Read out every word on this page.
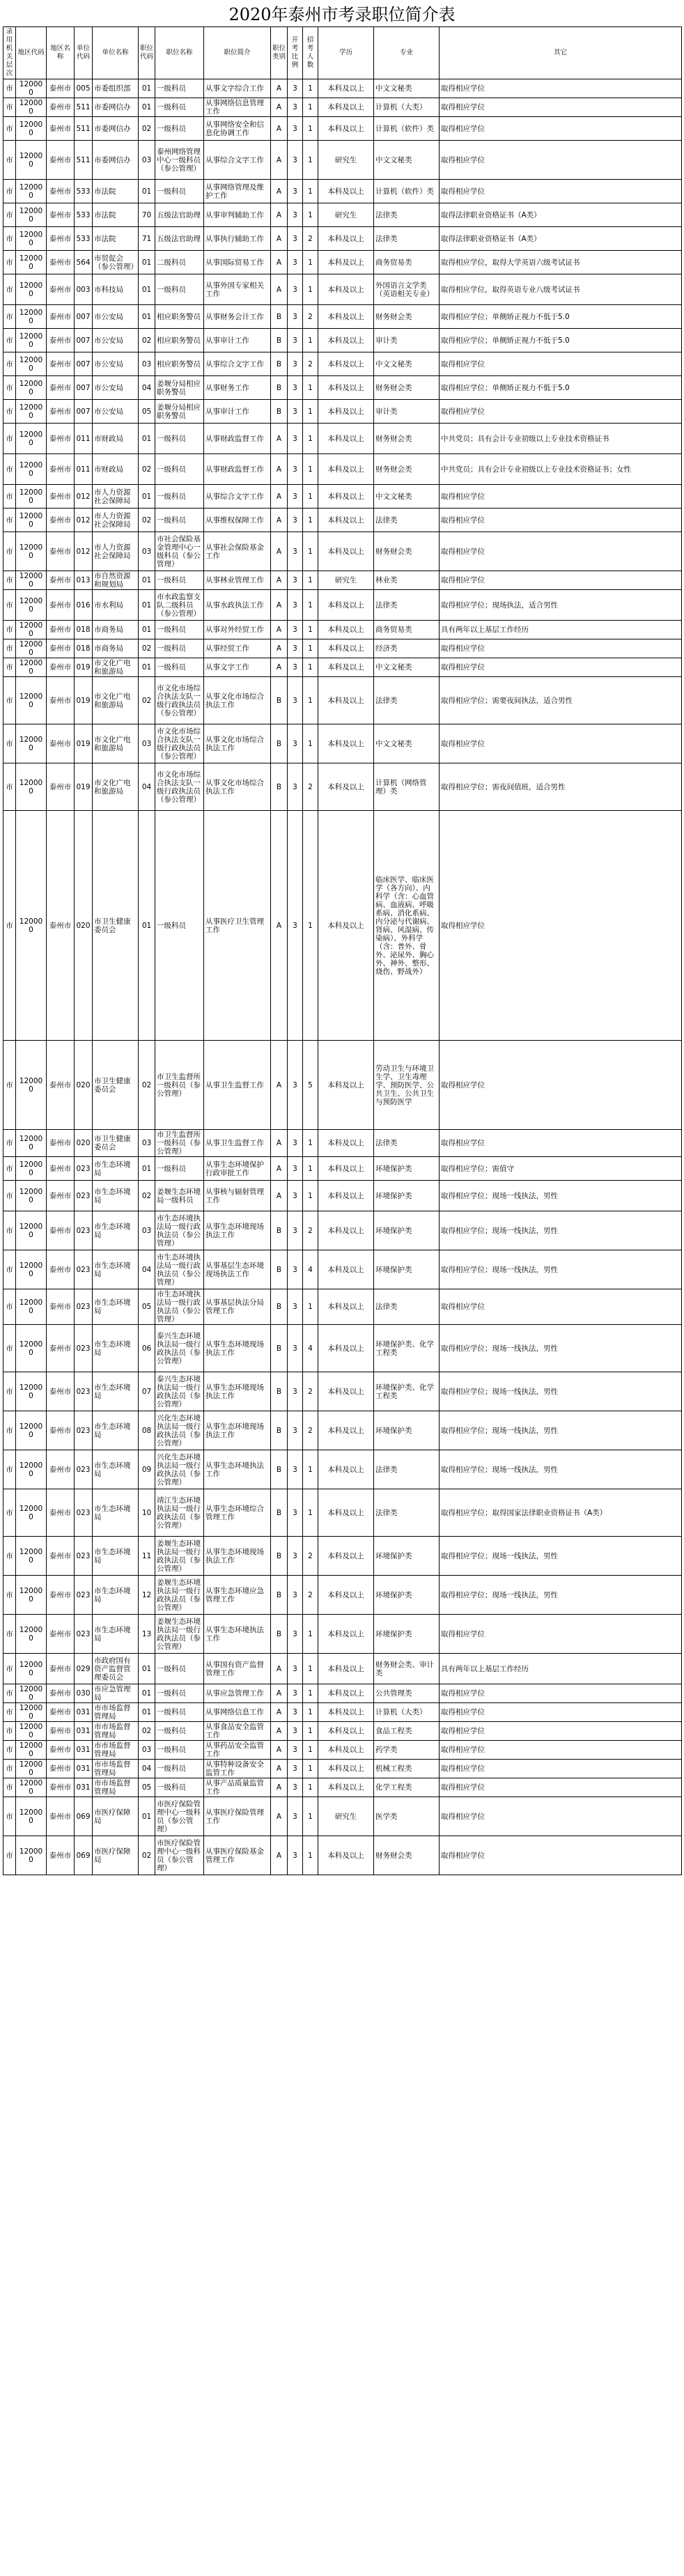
2020年泰州市考录职位简介表
录用机关层次	地区代码	地区名称	单位代码	单位名称	职位代码	职位名称	职位简介	职位类别	开考比例	招考人数	学历	专业	其它
市	120000	泰州市	005	市委组织部	01	一级科员	从事文字综合工作	A	3	1	本科及以上	中文文秘类	取得相应学位
市	120000	泰州市	511	市委网信办	01	一级科员	从事网络信息管理工作	A	3	1	本科及以上	计算机（大类）	取得相应学位
市	120000	泰州市	511	市委网信办	02	一级科员	从事网络安全和信息化协调工作	A	3	1	本科及以上	计算机（软件）类	取得相应学位
市	120000	泰州市	511	市委网信办	03	泰州网络管理中心一级科员（参公管理）	从事综合文字工作	A	3	1	研究生	中文文秘类	取得相应学位
市	120000	泰州市	533	市法院	01	一级科员	从事网络管理及维护工作	A	3	1	本科及以上	计算机（软件）类	取得相应学位
市	120000	泰州市	533	市法院	70	五级法官助理	从事审判辅助工作	A	3	1	研究生	法律类	取得法律职业资格证书（A类）
市	120000	泰州市	533	市法院	71	五级法官助理	从事执行辅助工作	A	3	2	本科及以上	法律类	取得法律职业资格证书（A类）
市	120000	泰州市	564	市贸促会（参公管理）	01	二级科员	从事国际贸易工作	A	3	1	本科及以上	商务贸易类	取得相应学位，取得大学英语六级考试证书
市	120000	泰州市	003	市科技局	01	一级科员	从事外国专家相关工作	A	3	1	本科及以上	外国语言文学类（英语相关专业）	取得相应学位，取得英语专业八级考试证书
市	120000	泰州市	007	市公安局	01	相应职务警员	从事财务会计工作	B	3	2	本科及以上	财务财会类	取得相应学位；单侧矫正视力不低于5.0
市	120000	泰州市	007	市公安局	02	相应职务警员	从事审计工作	B	3	1	本科及以上	审计类	取得相应学位；单侧矫正视力不低于5.0
市	120000	泰州市	007	市公安局	03	相应职务警员	从事综合文字工作	B	3	2	本科及以上	中文文秘类	取得相应学位
市	120000	泰州市	007	市公安局	04	姜堰分局相应职务警员	从事财务工作	B	3	1	本科及以上	财务财会类	取得相应学位；单侧矫正视力不低于5.0
市	120000	泰州市	007	市公安局	05	姜堰分局相应职务警员	从事审计工作	B	3	1	本科及以上	审计类	取得相应学位
市	120000	泰州市	011	市财政局	01	一级科员	从事财政监督工作	A	3	1	本科及以上	财务财会类	中共党员；具有会计专业初级以上专业技术资格证书
市	120000	泰州市	011	市财政局	02	一级科员	从事财政监督工作	A	3	1	本科及以上	财务财会类	中共党员；具有会计专业初级以上专业技术资格证书；女性
市	120000	泰州市	012	市人力资源社会保障局	01	一级科员	从事综合文字工作	A	3	1	本科及以上	中文文秘类	取得相应学位
市	120000	泰州市	012	市人力资源社会保障局	02	一级科员	从事维权保障工作	A	3	1	本科及以上	法律类	取得相应学位
市	120000	泰州市	012	市人力资源社会保障局	03	市社会保险基金管理中心一级科员（参公管理）	从事社会保险基金工作	A	3	1	本科及以上	财务财会类	取得相应学位
市	120000	泰州市	013	市自然资源和规划局	01	一级科员	从事林业管理工作	A	3	1	研究生	林业类	取得相应学位
市	120000	泰州市	016	市水利局	01	市水政监察支队二级科员（参公管理）	从事水政执法工作	A	3	1	本科及以上	法律类	取得相应学位；现场执法，适合男性
市	120000	泰州市	018	市商务局	01	一级科员	从事对外经贸工作	A	3	1	本科及以上	商务贸易类	具有两年以上基层工作经历
市	120000	泰州市	018	市商务局	02	一级科员	从事经贸工作	A	3	1	本科及以上	经济类	取得相应学位
市	120000	泰州市	019	市文化广电和旅游局	01	一级科员	从事文字工作	A	3	1	本科及以上	中文文秘类	取得相应学位
市	120000	泰州市	019	市文化广电和旅游局	02	市文化市场综合执法支队一级行政执法员（参公管理）	从事文化市场综合执法工作	B	3	1	本科及以上	法律类	取得相应学位；需要夜间执法，适合男性
市	120000	泰州市	019	市文化广电和旅游局	03	市文化市场综合执法支队一级行政执法员（参公管理）	从事文化市场综合执法工作	B	3	1	本科及以上	中文文秘类	取得相应学位
市	120000	泰州市	019	市文化广电和旅游局	04	市文化市场综合执法支队一级行政执法员（参公管理）	从事文化市场综合执法工作	B	3	2	本科及以上	计算机（网络管理）类	取得相应学位；需夜间值班，适合男性
市	120000	泰州市	020	市卫生健康委员会	01	一级科员	从事医疗卫生管理工作	A	3	1	本科及以上	临床医学、临床医学（各方向）、内科学（含：心血管病、血液病、呼吸系病、消化系病、内分泌与代谢病、肾病、风湿病、传染病）、外科学（含：普外、骨外、泌尿外、胸心外、神外、整形、烧伤、野战外）	取得相应学位
市	120000	泰州市	020	市卫生健康委员会	02	市卫生监督所一级科员（参公管理）	从事卫生监督工作	A	3	5	本科及以上	劳动卫生与环境卫生学、卫生毒理学、预防医学、公共卫生、公共卫生与预防医学	取得相应学位
市	120000	泰州市	020	市卫生健康委员会	03	市卫生监督所一级科员（参公管理）	从事卫生监督工作	A	3	1	本科及以上	法律类	取得相应学位
市	120000	泰州市	023	市生态环境局	01	一级科员	从事生态环境保护行政审批工作	A	3	1	本科及以上	环境保护类	取得相应学位；需值守
市	120000	泰州市	023	市生态环境局	02	姜堰生态环境局一级科员	从事核与辐射管理工作	A	3	1	本科及以上	环境保护类	取得相应学位；现场一线执法，男性
市	120000	泰州市	023	市生态环境局	03	市生态环境执法局一级行政执法员（参公管理）	从事生态环境现场执法工作	B	3	2	本科及以上	环境保护类	取得相应学位；现场一线执法，男性
市	120000	泰州市	023	市生态环境局	04	市生态环境执法局一级行政执法员（参公管理）	从事基层生态环境现场执法工作	B	3	4	本科及以上	环境保护类	取得相应学位；现场一线执法，男性
市	120000	泰州市	023	市生态环境局	05	市生态环境执法局一级行政执法员（参公管理）	从事基层执法分局管理工作	B	3	1	本科及以上	法律类	取得相应学位
市	120000	泰州市	023	市生态环境局	06	泰兴生态环境执法局一级行政执法员（参公管理）	从事生态环境现场执法工作	B	3	4	本科及以上	环境保护类、化学工程类	取得相应学位；现场一线执法，男性
市	120000	泰州市	023	市生态环境局	07	泰兴生态环境执法局一级行政执法员（参公管理）	从事生态环境现场执法工作	B	3	2	本科及以上	环境保护类、化学工程类	取得相应学位；现场一线执法，男性
市	120000	泰州市	023	市生态环境局	08	兴化生态环境执法局一级行政执法员（参公管理）	从事生态环境现场执法工作	B	3	2	本科及以上	环境保护类	取得相应学位；现场一线执法，男性
市	120000	泰州市	023	市生态环境局	09	兴化生态环境执法局一级行政执法员（参公管理）	从事生态环境执法工作	B	3	1	本科及以上	法律类	取得相应学位；现场一线执法，男性
市	120000	泰州市	023	市生态环境局	10	靖江生态环境执法局一级行政执法员（参公管理）	从事生态环境综合管理工作	B	3	1	本科及以上	法律类	取得相应学位；取得国家法律职业资格证书（A类）
市	120000	泰州市	023	市生态环境局	11	姜堰生态环境执法局一级行政执法员（参公管理）	从事生态环境现场执法工作	B	3	2	本科及以上	环境保护类	取得相应学位；现场一线执法，男性
市	120000	泰州市	023	市生态环境局	12	姜堰生态环境执法局一级行政执法员（参公管理）	从事生态环境应急管理工作	B	3	2	本科及以上	环境保护类	取得相应学位；现场一线执法，男性
市	120000	泰州市	023	市生态环境局	13	姜堰生态环境执法局一级行政执法员（参公管理）	从事生态环境执法工作	B	3	1	本科及以上	环境保护类	取得相应学位
市	120000	泰州市	029	市政府国有资产监督管理委员会	01	一级科员	从事国有资产监督管理工作	A	3	1	本科及以上	财务财会类、审计类	具有两年以上基层工作经历
市	120000	泰州市	030	市应急管理局	01	一级科员	从事应急管理工作	A	3	1	本科及以上	公共管理类	取得相应学位
市	120000	泰州市	031	市市场监督管理局	01	一级科员	从事网络信息工作	A	3	1	本科及以上	计算机（大类）	取得相应学位
市	120000	泰州市	031	市市场监督管理局	02	一级科员	从事食品安全监管工作	A	3	1	本科及以上	食品工程类	取得相应学位
市	120000	泰州市	031	市市场监督管理局	03	一级科员	从事药品安全监管工作	A	3	1	本科及以上	药学类	取得相应学位
市	120000	泰州市	031	市市场监督管理局	04	一级科员	从事特种设备安全监管工作	A	3	1	本科及以上	机械工程类	取得相应学位
市	120000	泰州市	031	市市场监督管理局	05	一级科员	从事产品质量监管工作	A	3	1	本科及以上	化学工程类	取得相应学位
市	120000	泰州市	069	市医疗保障局	01	市医疗保险管理中心一级科员（参公管理）	从事医疗保险管理工作	A	3	1	研究生	医学类	取得相应学位
市	120000	泰州市	069	市医疗保障局	02	市医疗保险管理中心一级科员（参公管理）	从事医疗保险基金管理工作	A	3	1	本科及以上	财务财会类	取得相应学位
